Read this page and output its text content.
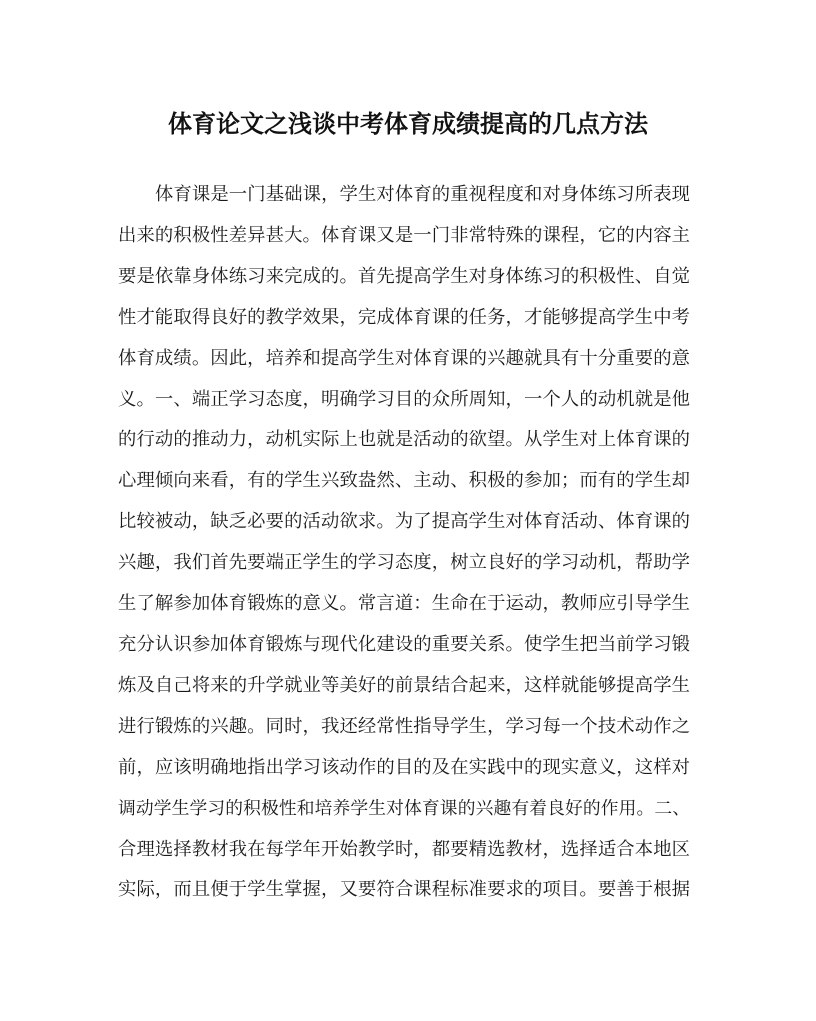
体育论文之浅谈中考体育成绩提高的几点方法
体育课是一门基础课，学生对体育的重视程度和对身体练习所表现
出来的积极性差异甚大。体育课又是一门非常特殊的课程，它的内容主
要是依靠身体练习来完成的。首先提高学生对身体练习的积极性、自觉
性才能取得良好的教学效果，完成体育课的任务，才能够提高学生中考
体育成绩。因此，培养和提高学生对体育课的兴趣就具有十分重要的意
义。一、端正学习态度，明确学习目的众所周知，一个人的动机就是他
的行动的推动力，动机实际上也就是活动的欲望。从学生对上体育课的
心理倾向来看，有的学生兴致盎然、主动、积极的参加；而有的学生却
比较被动，缺乏必要的活动欲求。为了提高学生对体育活动、体育课的
兴趣，我们首先要端正学生的学习态度，树立良好的学习动机，帮助学
生了解参加体育锻炼的意义。常言道：生命在于运动，教师应引导学生
充分认识参加体育锻炼与现代化建设的重要关系。使学生把当前学习锻
炼及自己将来的升学就业等美好的前景结合起来，这样就能够提高学生
进行锻炼的兴趣。同时，我还经常性指导学生，学习每一个技术动作之
前，应该明确地指出学习该动作的目的及在实践中的现实意义，这样对
调动学生学习的积极性和培养学生对体育课的兴趣有着良好的作用。二、
合理选择教材我在每学年开始教学时，都要精选教材，选择适合本地区
实际，而且便于学生掌握，又要符合课程标准要求的项目。要善于根据
